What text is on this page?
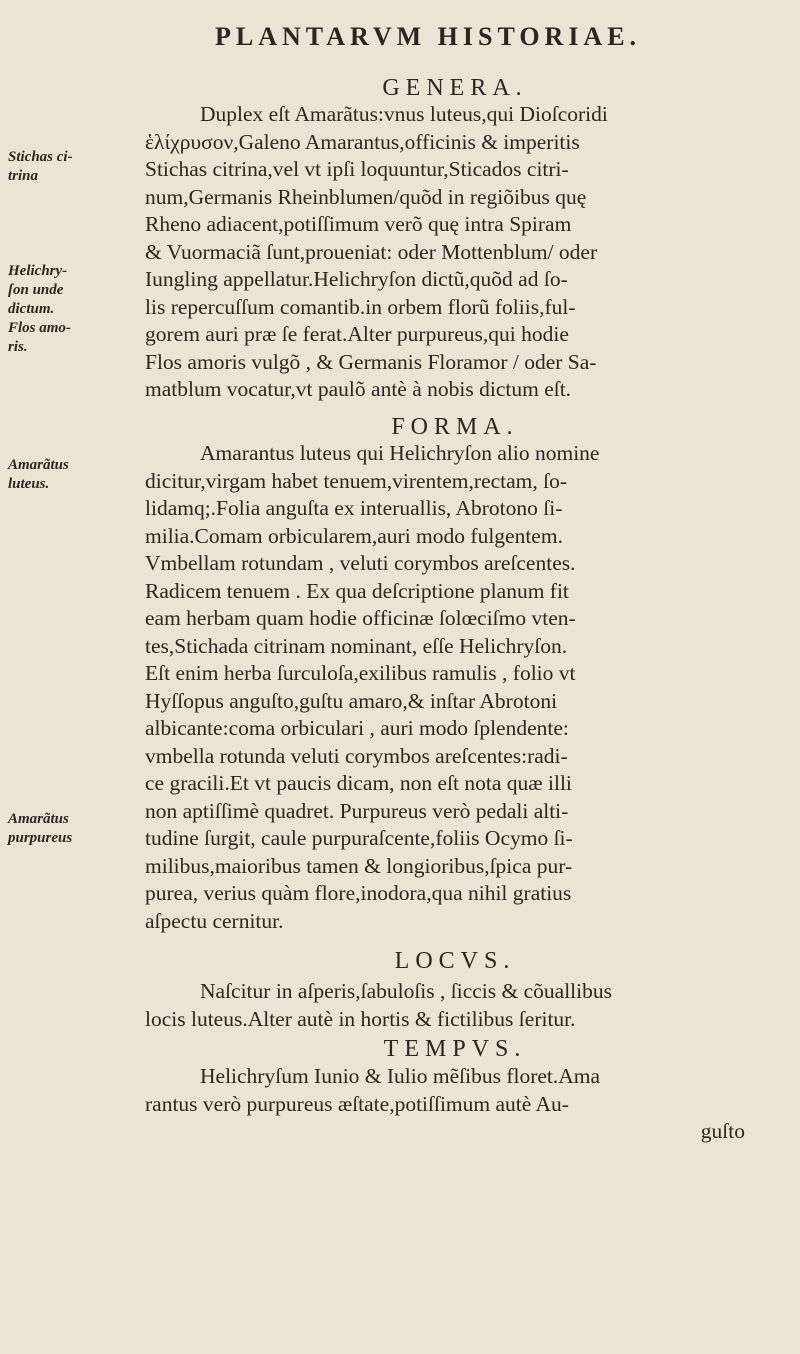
PLANTARVM HISTORIAE.
GENERA.
Duplex eſt Amarãtus:vnus luteus,qui Dioſcoridi
ἑλίχρυσον,Galeno Amarantus,officinis & imperitis
Stichas citrina,vel vt ipſi loquuntur,Sticados citri-
num,Germanis Rheinblumen/quõd in regiõibus quę
Rheno adiacent,potiſſimum verõ quę intra Spiram
& Vuormaciã ſunt,proueniat: oder Mottenblum/ oder
Iungling appellatur.Helichryſon dictũ,quõd ad ſo-
lis repercuſſum comantib.in orbem florũ foliis,ful-
gorem auri præ ſe ferat.Alter purpureus,qui hodie
Flos amoris vulgõ , & Germanis Floramor / oder Sa-
matblum vocatur,vt paulõ antè à nobis dictum eſt.
FORMA.
Amarantus luteus qui Helichryſon alio nomine
dicitur,virgam habet tenuem,virentem,rectam, ſo-
lidamq;.Folia anguſta ex interuallis, Abrotono ſi-
milia.Comam orbicularem,auri modo fulgentem.
Vmbellam rotundam , veluti corymbos areſcentes.
Radicem tenuem . Ex qua deſcriptione planum fit
eam herbam quam hodie officinæ ſolœciſmo vten-
tes,Stichada citrinam nominant, eſſe Helichryſon.
Eſt enim herba ſurculoſa,exilibus ramulis , folio vt
Hyſſopus anguſto,guſtu amaro,& inſtar Abrotoni
albicante:coma orbiculari , auri modo ſplendente:
vmbella rotunda veluti corymbos areſcentes:radi-
ce gracili.Et vt paucis dicam, non eſt nota quæ illi
non aptiſſimè quadret. Purpureus verò pedali alti-
tudine ſurgit, caule purpuraſcente,foliis Ocymo ſi-
milibus,maioribus tamen & longioribus,ſpica pur-
purea, verius quàm flore,inodora,qua nihil gratius
aſpectu cernitur.
LOCVS.
Naſcitur in aſperis,ſabuloſis , ſiccis & cõuallibus
locis luteus.Alter autè in hortis & fictilibus ſeritur.
TEMPVS.
Helichryſum Iunio & Iulio mẽſibus floret.Ama
rantus verò purpureus æſtate,potiſſimum autè Au-
guſto
Stichas ci-
trina
Helichry-
ſon unde
dictum.
Flos amo-
ris.
Amarãtus
luteus.
Amarãtus
purpureus
